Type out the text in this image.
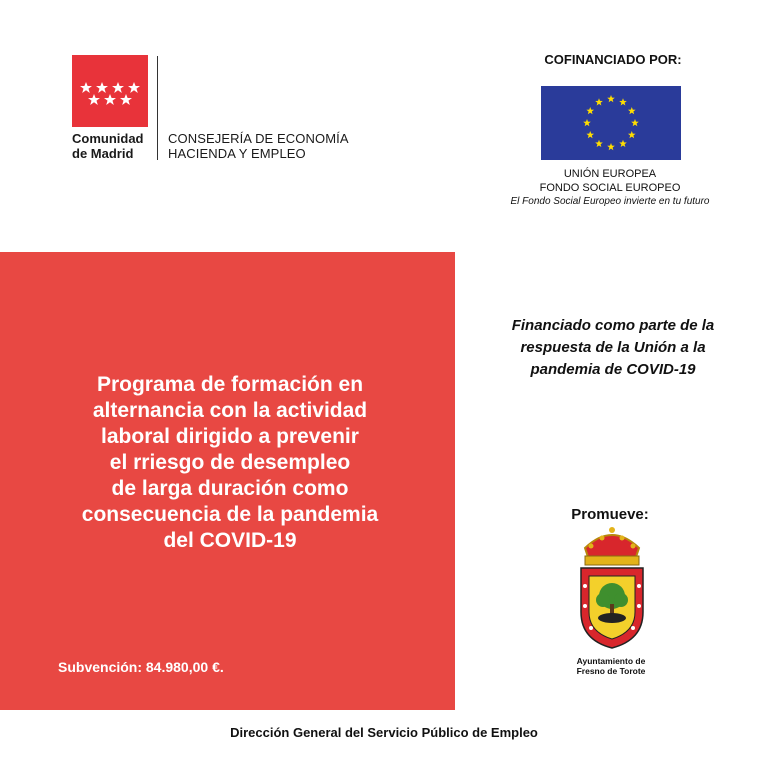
Comunidad
de Madrid
CONSEJERÍA DE ECONOMÍA
HACIENDA Y EMPLEO
COFINANCIADO POR:
UNIÓN EUROPEA
FONDO SOCIAL EUROPEO
El Fondo Social Europeo invierte en tu futuro
Programa de formación en
alternancia con la actividad
laboral dirigido a prevenir
el rriesgo de desempleo
de larga duración como
consecuencia de la pandemia
del COVID-19
Subvención: 84.980,00 €.
Financiado como parte de la
respuesta de la Unión a la
pandemia de COVID-19
Promueve:
Ayuntamiento de
Fresno de Torote
Dirección General del Servicio Público de Empleo
